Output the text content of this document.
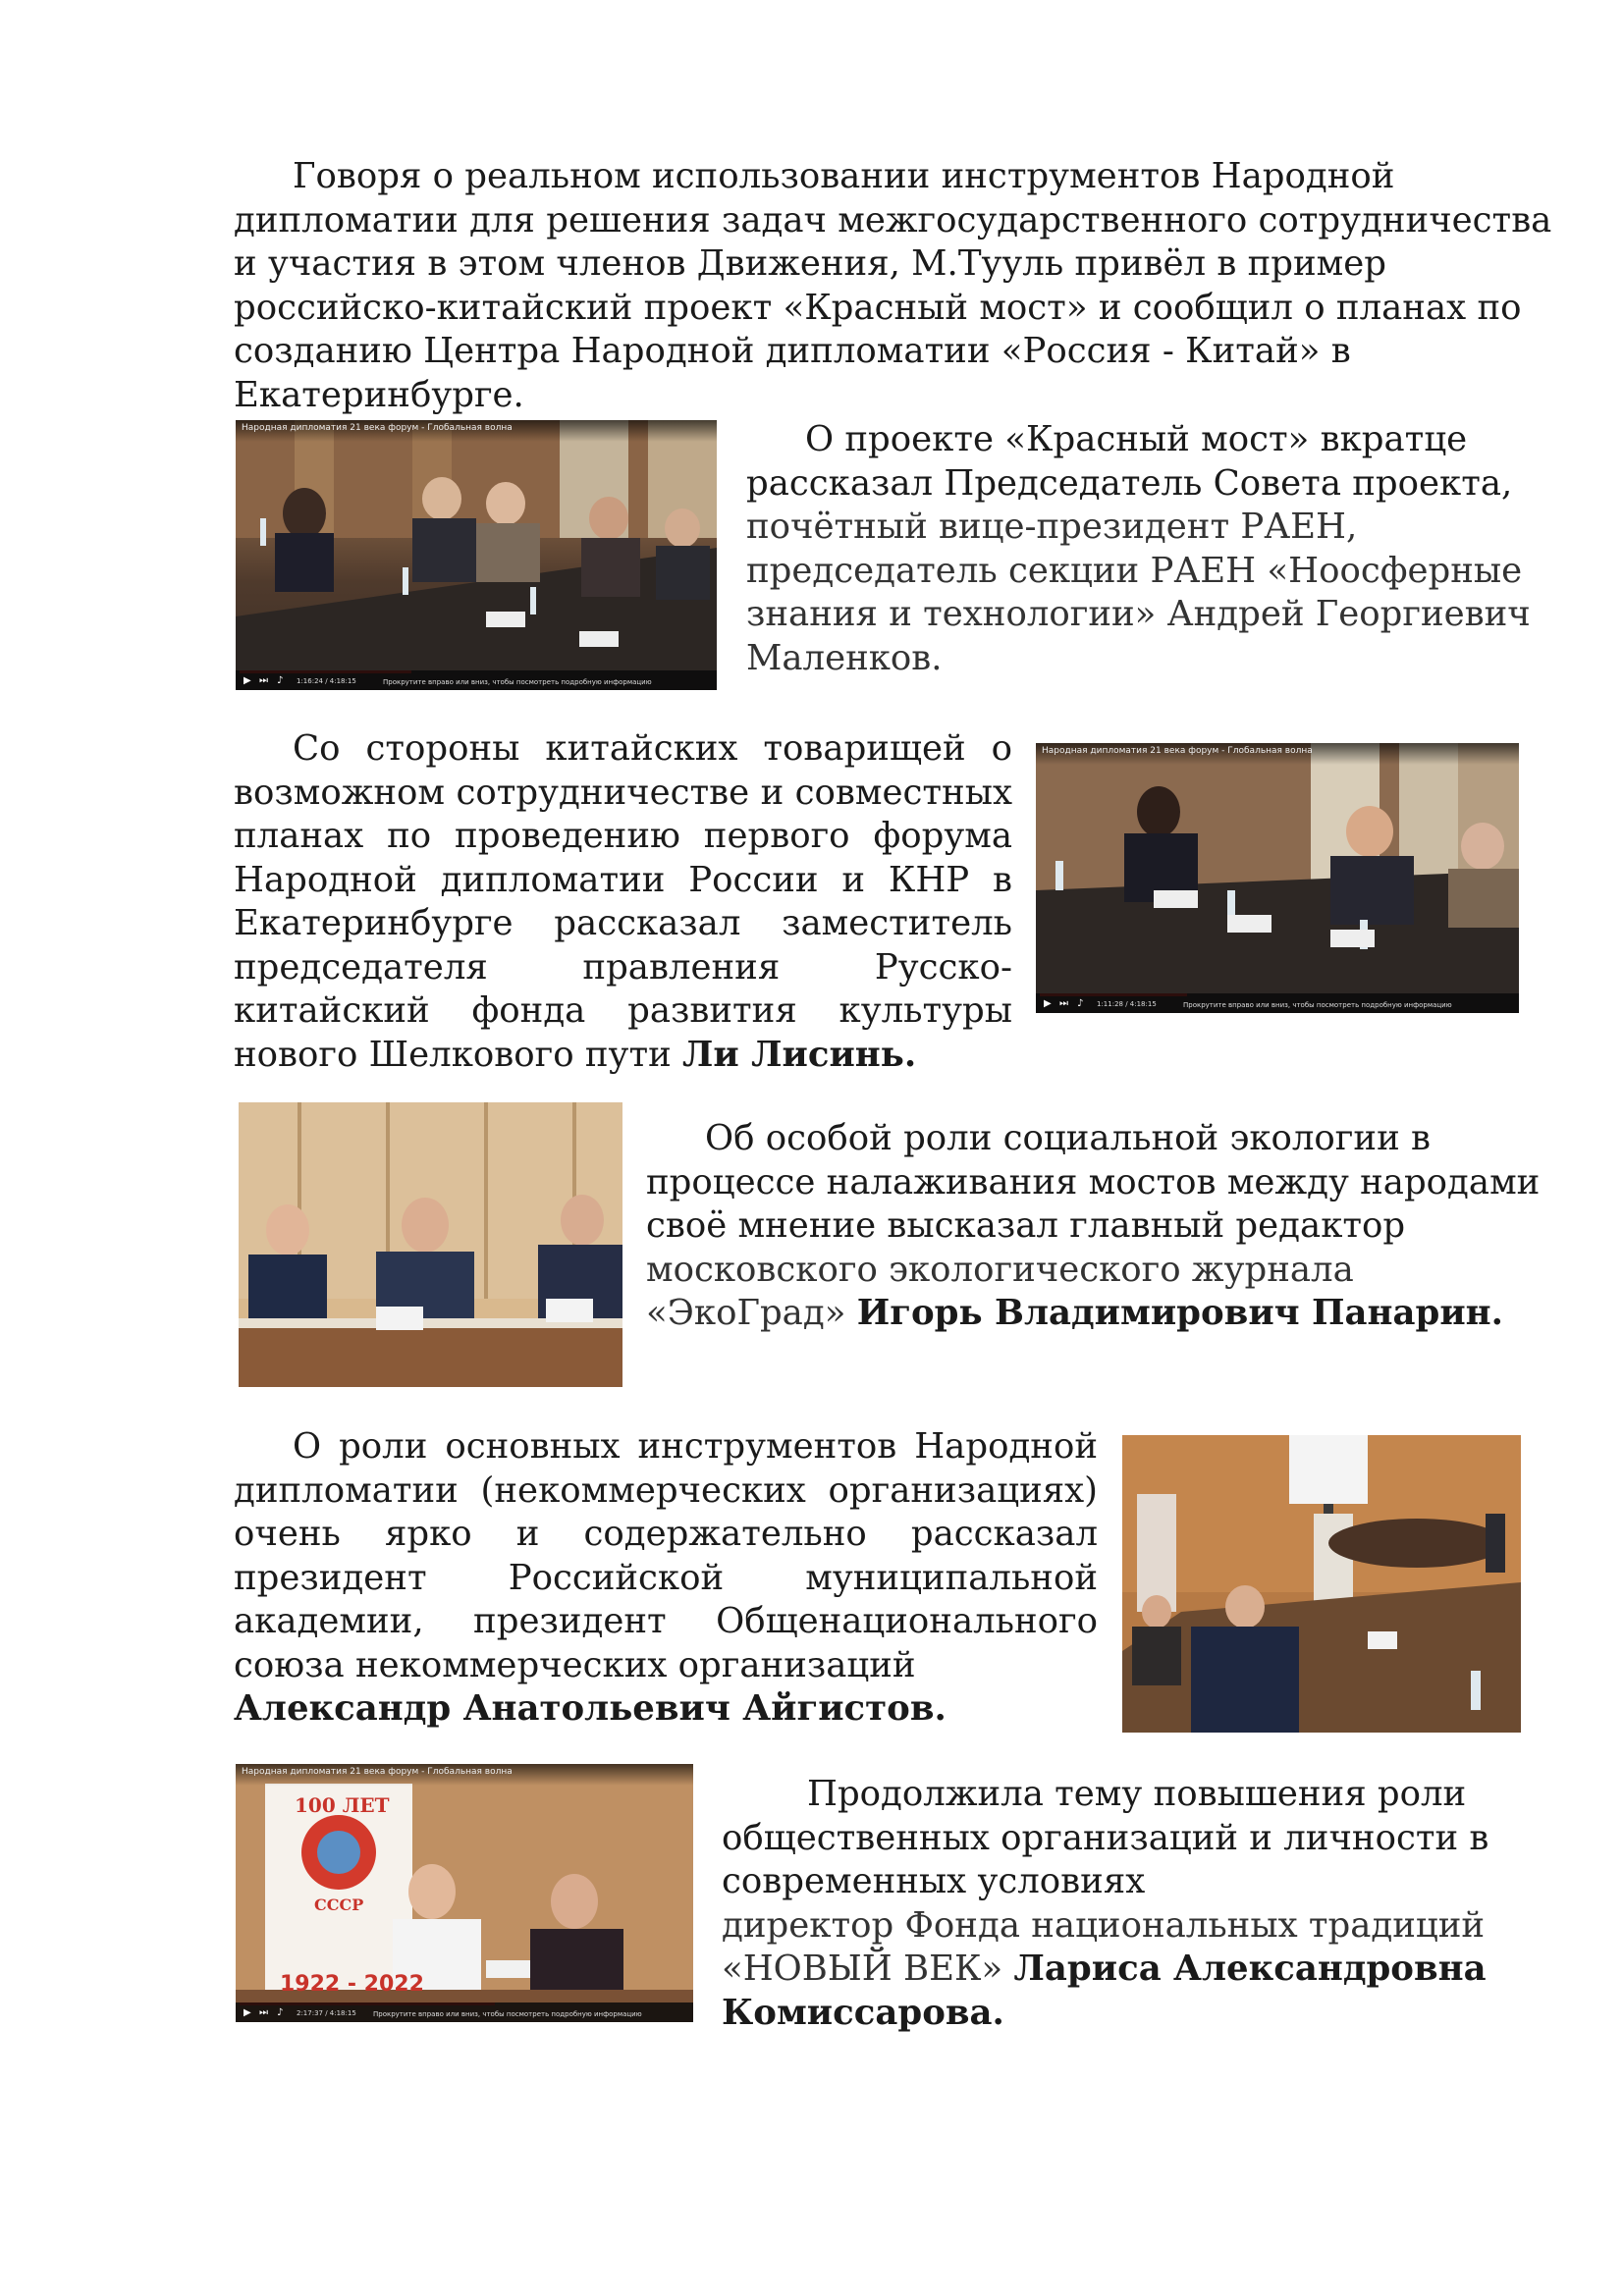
Говоря о реальном использовании инструментов Народной
дипломатии для решения задач межгосударственного сотрудничества
и участия в этом членов Движения, М.Тууль привёл в пример
российско-китайский проект «Красный мост» и сообщил о планах по
созданию Центра Народной дипломатии «Россия - Китай» в
Екатеринбурге.
Народная дипломатия 21 века форум - Глобальная волна
▶ ⏭ ♪ 1:16:24 / 4:18:15	Прокрутите вправо или вниз, чтобы посмотреть подробную информацию
О проекте «Красный мост» вкратце
рассказал Председатель Совета проекта,
почётный вице-президент РАЕН,
председатель секции РАЕН «Ноосферные
знания и технологии» Андрей Георгиевич
Маленков.
Со стороны китайских товарищей о возможном сотрудничестве и совместных планах по проведению первого форума Народной дипломатии России и КНР в Екатеринбурге рассказал заместитель председателя правления Русско-китайский фонда развития культуры нового Шелкового пути Ли Лисинь.
Народная дипломатия 21 века форум - Глобальная волна
▶ ⏭ ♪ 1:11:28 / 4:18:15	Прокрутите вправо или вниз, чтобы посмотреть подробную информацию
Об особой роли социальной экологии в
процессе налаживания мостов между народами
своё мнение высказал главный редактор
московского экологического журнала
«ЭкоГрад» Игорь Владимирович Панарин.
О роли основных инструментов Народной дипломатии (некоммерческих организациях) очень ярко и содержательно рассказал президент Российской муниципальной академии, президент Общенационального союза некоммерческих организаций
Александр Анатольевич Айгистов.
100 ЛЕТ
СССР
1922 - 2022
Народная дипломатия 21 века форум - Глобальная волна
▶ ⏭ ♪ 2:17:37 / 4:18:15 Прокрутите вправо или вниз, чтобы посмотреть подробную информацию
Продолжила тему повышения роли
общественных организаций и личности в
современных условиях
директор Фонда национальных традиций
«НОВЫЙ ВЕК» Лариса Александровна
Комиссарова.
